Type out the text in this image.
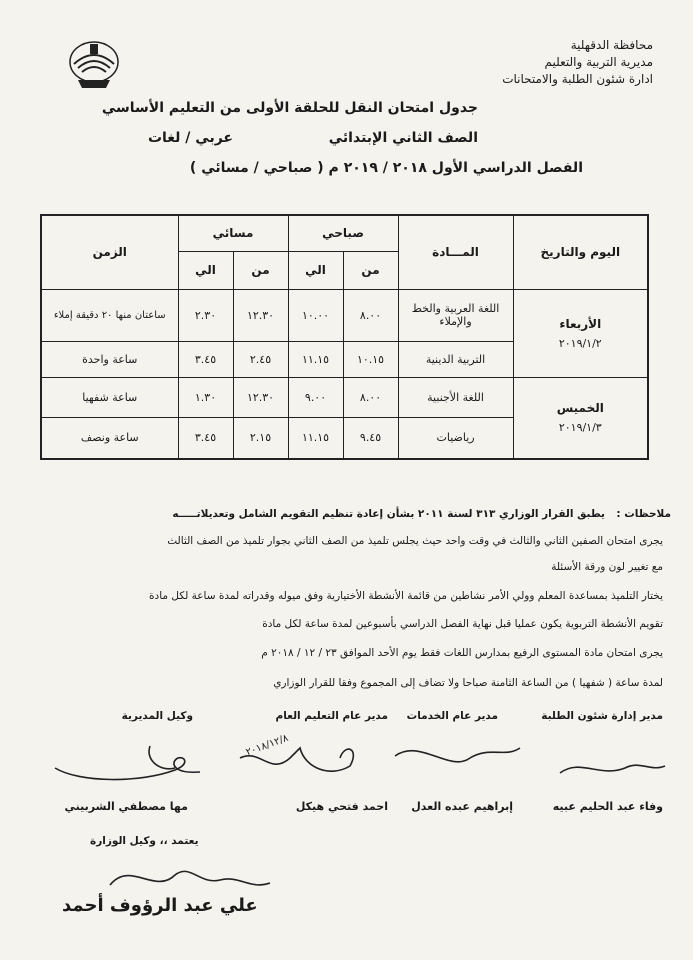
محافظة الدقهلية
مديرية التربية والتعليم
ادارة شئون الطلبة والامتحانات
جدول امتحان النقل للحلقة الأولى من التعليم الأساسي
الصف الثاني الإبتدائي
عربي / لغات
الفصل الدراسي الأول ٢٠١٨ / ٢٠١٩ م ( صباحي / مسائي )
اليوم والتاريخ	المـــادة	صباحي		مسائي		الزمن
		من	الي	من	الي	

الأربعاء
٢٠١٩/١/٢	اللغة العربية والخط والإملاء	٨.٠٠	١٠.٠٠	١٢.٣٠	٢.٣٠	ساعتان منها ٢٠ دقيقة إملاء
	التربية الدينية	١٠.١٥	١١.١٥	٢.٤٥	٣.٤٥	ساعة واحدة

الخميس
٢٠١٩/١/٣	اللغة الأجنبية	٨.٠٠	٩.٠٠	١٢.٣٠	١.٣٠	ساعة شفهيا
	رياضيات	٩.٤٥	١١.١٥	٢.١٥	٣.٤٥	ساعة ونصف
ملاحظات :
يطبق القرار الوزاري ٣١٣ لسنة ٢٠١١ بشأن إعادة تنظيم التقويم الشامل وتعديلاتـــــه
يجرى امتحان الصفين الثاني والثالث في وقت واحد حيث يجلس تلميذ من الصف الثاني بجوار تلميذ من الصف الثالث
مع تغيير لون ورقة الأسئلة
يختار التلميذ بمساعدة المعلم وولي الأمر نشاطين من قائمة الأنشطة الأختيارية وفق ميوله وقدراته لمدة ساعة لكل مادة
تقويم الأنشطة التربوية يكون عمليا قبل نهاية الفصل الدراسي بأسبوعين لمدة ساعة لكل مادة
يجرى امتحان مادة المستوى الرفيع بمدارس اللغات فقط يوم الأحد الموافق ٢٣ / ١٢ / ٢٠١٨ م
لمدة ساعة ( شفهيا ) من الساعة الثامنة صباحا ولا تضاف إلى المجموع وفقا للقرار الوزاري
مدير إدارة شئون الطلبة
مدير عام الخدمات
مدير عام التعليم العام
وكيل المديرية
٢٠١٨/١٢/٨
وفاء عبد الحليم عبيه
إبراهيم عبده العدل
احمد فتحي هيكل
مها مصطفي الشربيني
يعتمد ،، وكيل الوزارة
علي عبد الرؤوف أحمد
